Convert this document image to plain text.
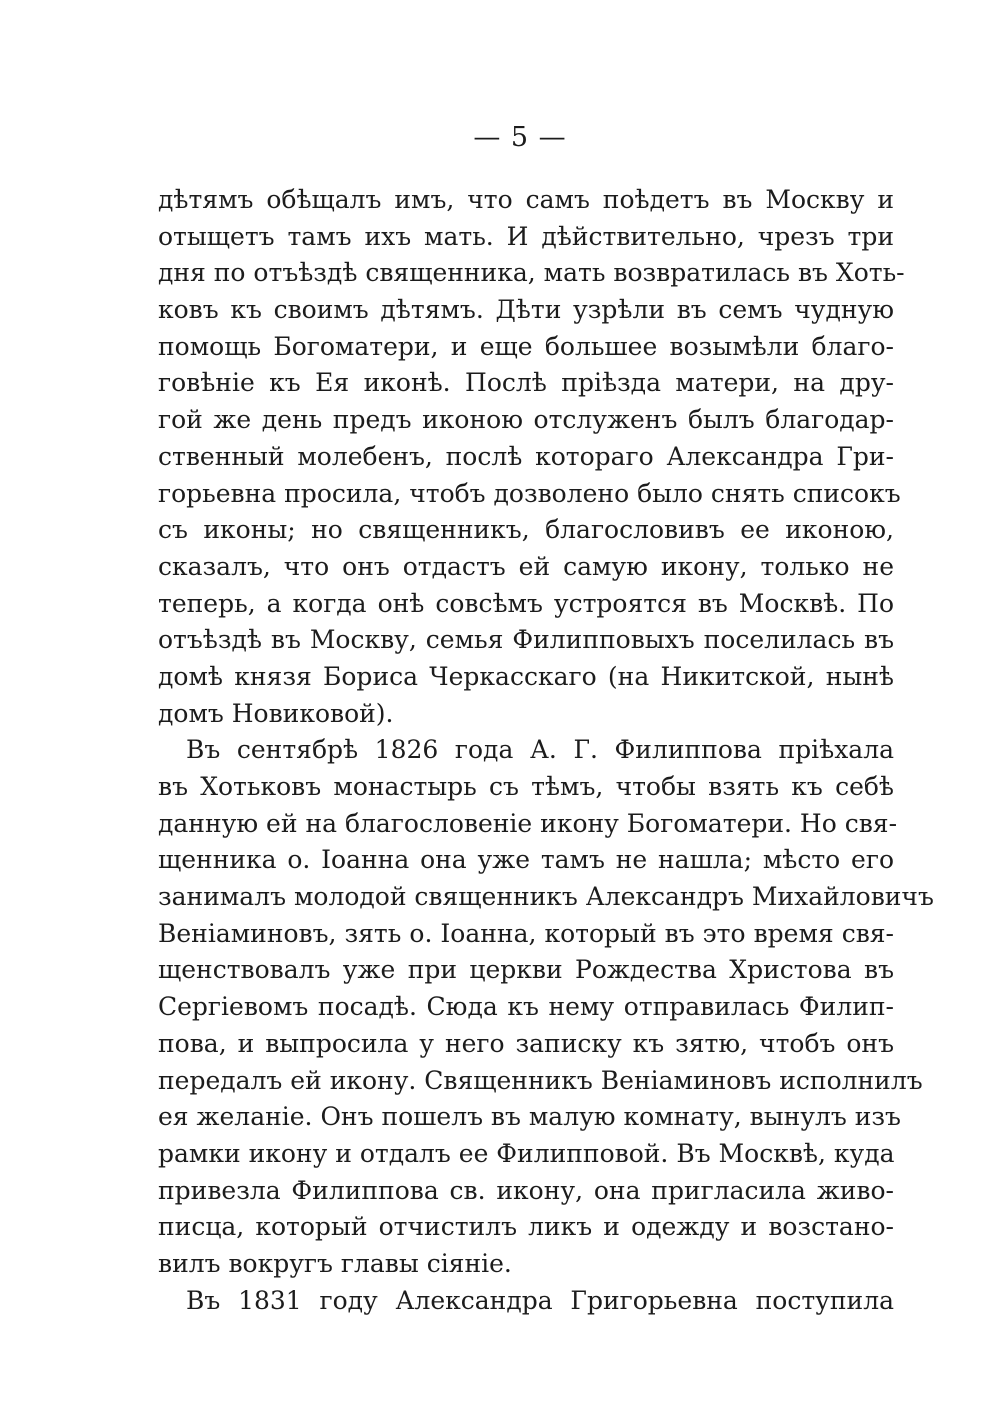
— 5 —
дѣтямъ обѣщалъ имъ, что самъ поѣдетъ въ Москву и
отыщетъ тамъ ихъ мать. И дѣйствительно, чрезъ три
дня по отъѣздѣ священника, мать возвратилась въ Хоть-
ковъ къ своимъ дѣтямъ. Дѣти узрѣли въ семъ чудную
помощь Богоматери, и еще большее возымѣли благо-
говѣніе къ Ея иконѣ. Послѣ пріѣзда матери, на дру-
гой же день предъ иконою отслуженъ былъ благодар-
ственный молебенъ, послѣ котораго Александра Гри-
горьевна просила, чтобъ дозволено было снять списокъ
съ иконы; но священникъ, благословивъ ее иконою,
сказалъ, что онъ отдастъ ей самую икону, только не
теперь, а когда онѣ совсѣмъ устроятся въ Москвѣ. По
отъѣздѣ въ Москву, семья Филипповыхъ поселилась въ
домѣ князя Бориса Черкасскаго (на Никитской, нынѣ
домъ Новиковой).
Въ сентябрѣ 1826 года А. Г. Филиппова пріѣхала
въ Хотьковъ монастырь съ тѣмъ, чтобы взять къ себѣ
данную ей на благословеніе икону Богоматери. Но свя-
щенника о. Іоанна она уже тамъ не нашла; мѣсто его
занималъ молодой священникъ Александръ Михайловичъ
Веніаминовъ, зять о. Іоанна, который въ это время свя-
щенствовалъ уже при церкви Рождества Христова въ
Сергіевомъ посадѣ. Сюда къ нему отправилась Филип-
пова, и выпросила у него записку къ зятю, чтобъ онъ
передалъ ей икону. Священникъ Веніаминовъ исполнилъ
ея желаніе. Онъ пошелъ въ малую комнату, вынулъ изъ
рамки икону и отдалъ ее Филипповой. Въ Москвѣ, куда
привезла Филиппова св. икону, она пригласила живо-
писца, который отчистилъ ликъ и одежду и возстано-
вилъ вокругъ главы сіяніе.
Въ 1831 году Александра Григорьевна поступила
